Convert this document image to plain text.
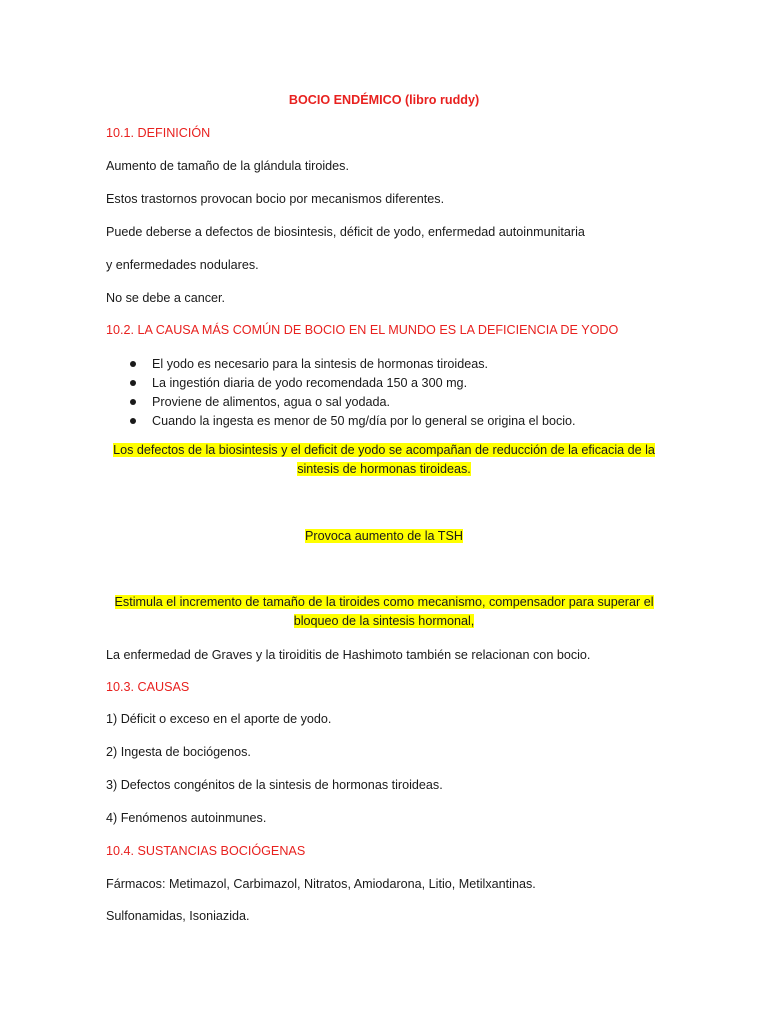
BOCIO ENDÉMICO (libro ruddy)
10.1. DEFINICIÓN
Aumento de tamaño de la glándula tiroides.
Estos trastornos provocan bocio por mecanismos diferentes.
Puede deberse a defectos de biosintesis, déficit de yodo, enfermedad autoinmunitaria
y enfermedades nodulares.
No se debe a cancer.
10.2. LA CAUSA MÁS COMÚN DE BOCIO EN EL MUNDO ES LA DEFICIENCIA DE YODO
El yodo es necesario para la sintesis de hormonas tiroideas.
La ingestión diaria de yodo recomendada 150 a 300 mg.
Proviene de alimentos, agua o sal yodada.
Cuando la ingesta es menor de 50 mg/día por lo general se origina el bocio.
Los defectos de la biosintesis y el deficit de yodo se acompañan de reducción de la eficacia de la
sintesis de hormonas tiroideas.
Provoca aumento de la TSH
Estimula el incremento de tamaño de la tiroides como mecanismo, compensador para superar el
bloqueo de la sintesis hormonal,
La enfermedad de Graves y la tiroiditis de Hashimoto también se relacionan con bocio.
10.3. CAUSAS
1) Déficit o exceso en el aporte de yodo.
2) Ingesta de bociógenos.
3) Defectos congénitos de la sintesis de hormonas tiroideas.
4) Fenómenos autoinmunes.
10.4. SUSTANCIAS BOCIÓGENAS
Fármacos: Metimazol, Carbimazol, Nitratos, Amiodarona, Litio, Metilxantinas.
Sulfonamidas, Isoniazida.
